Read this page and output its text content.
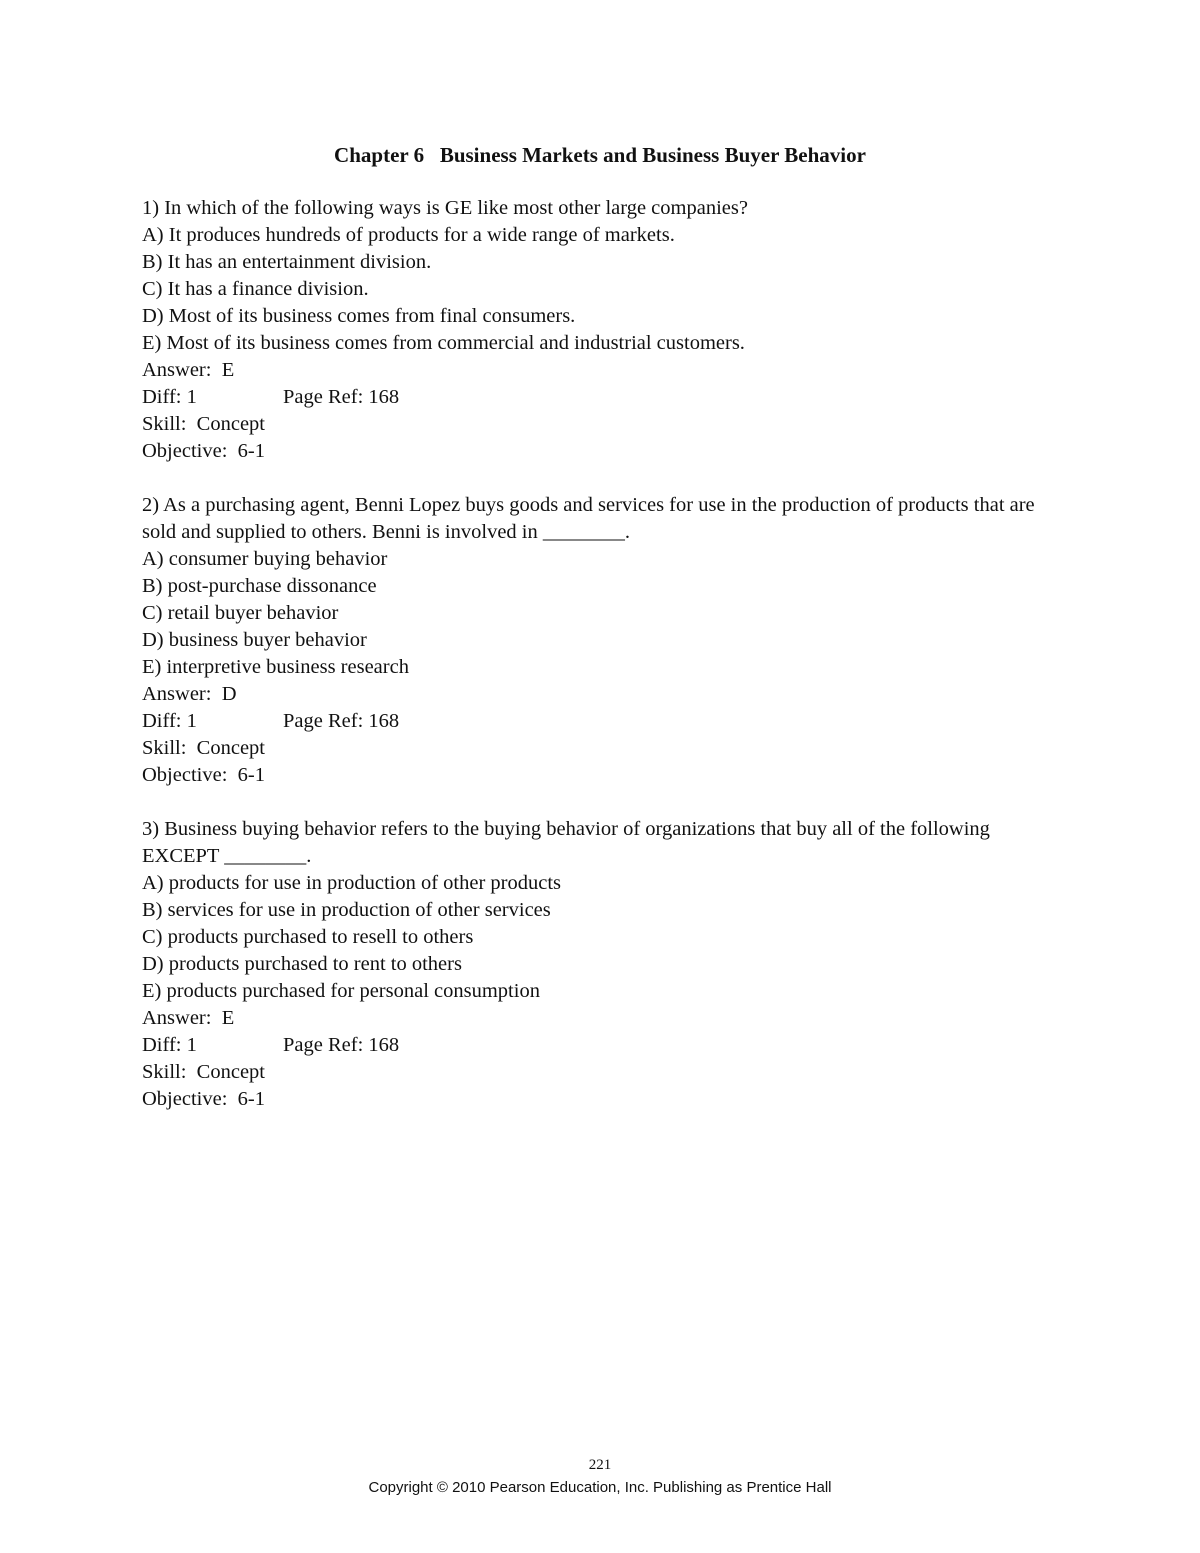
Chapter 6   Business Markets and Business Buyer Behavior
1) In which of the following ways is GE like most other large companies?
A) It produces hundreds of products for a wide range of markets.
B) It has an entertainment division.
C) It has a finance division.
D) Most of its business comes from final consumers.
E) Most of its business comes from commercial and industrial customers.
Answer:  E
Diff: 1	Page Ref: 168
Skill:  Concept
Objective:  6-1
2) As a purchasing agent, Benni Lopez buys goods and services for use in the production of products that are sold and supplied to others. Benni is involved in ________.
A) consumer buying behavior
B) post-purchase dissonance
C) retail buyer behavior
D) business buyer behavior
E) interpretive business research
Answer:  D
Diff: 1	Page Ref: 168
Skill:  Concept
Objective:  6-1
3) Business buying behavior refers to the buying behavior of organizations that buy all of the following EXCEPT ________.
A) products for use in production of other products
B) services for use in production of other services
C) products purchased to resell to others
D) products purchased to rent to others
E) products purchased for personal consumption
Answer:  E
Diff: 1	Page Ref: 168
Skill:  Concept
Objective:  6-1
221
Copyright © 2010 Pearson Education, Inc. Publishing as Prentice Hall
